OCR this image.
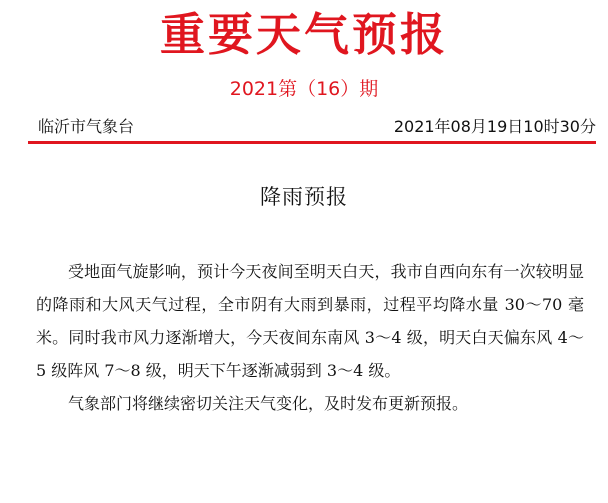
重要天气预报
2021第（16）期
临沂市气象台	2021年08月19日10时30分
降雨预报

受地面气旋影响，预计今天夜间至明天白天，我市自西向东有一次较明显的降雨和大风天气过程，全市阴有大雨到暴雨，过程平均降水量 30～70 毫米。同时我市风力逐渐增大，今天夜间东南风 3～4 级，明天白天偏东风 4～5 级阵风 7～8 级，明天下午逐渐减弱到 3～4 级。

气象部门将继续密切关注天气变化，及时发布更新预报。
